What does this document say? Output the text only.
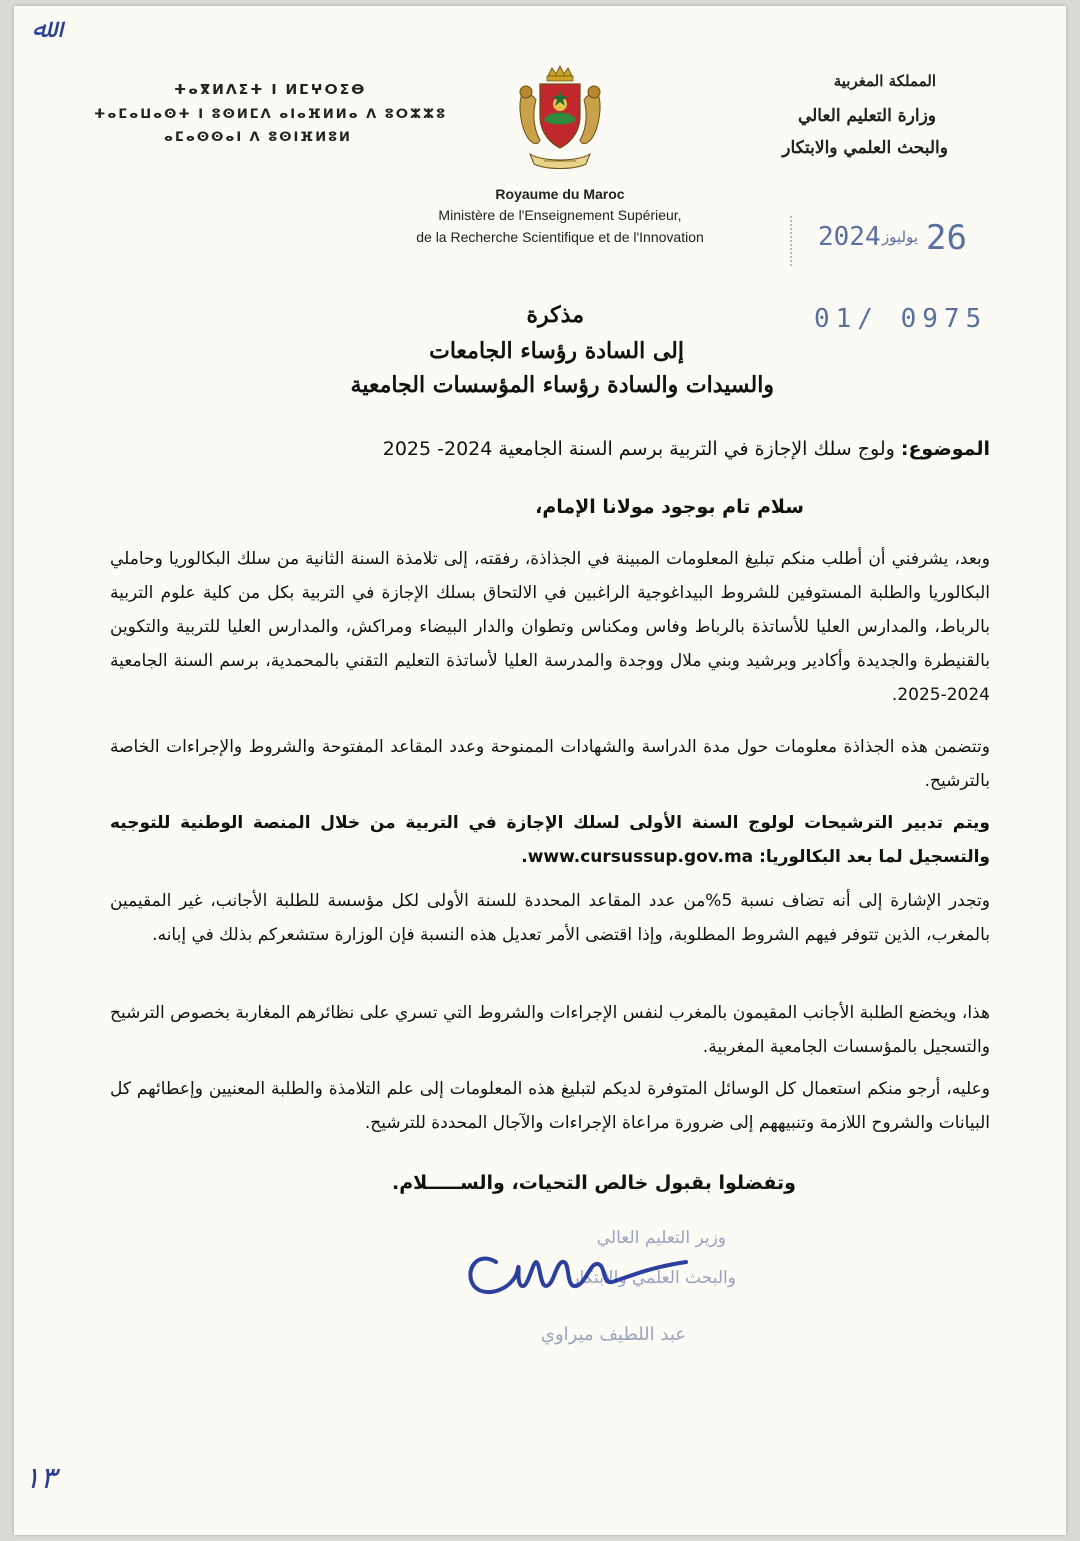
ﷲ
١٣
ⵜⴰⴳⵍⴷⵉⵜ ⵏ ⵍⵎⵖⵔⵉⴱ
ⵜⴰⵎⴰⵡⴰⵙⵜ ⵏ ⵓⵙⵍⵎⴷ ⴰⵏⴰⴼⵍⵍⴰ ⴷ ⵓⵔⵣⵣⵓ
ⴰⵎⴰⵙⵙⴰⵏ ⴷ ⵓⵙⵏⴼⵍⵓⵍ
المملكة المغربية
وزارة التعليم العالي
والبحث العلمي والابتكار
Royaume du Maroc
Ministère de l'Enseignement Supérieur,
de la Recherche Scientifique et de l'Innovation	2024 يوليوز 26
01/ 0975
مذكرة
إلى السادة رؤساء الجامعات
والسيدات والسادة رؤساء المؤسسات الجامعية
الموضوع: ولوج سلك الإجازة في التربية برسم السنة الجامعية 2024- 2025
سلام تام بوجود مولانا الإمام،
وبعد، يشرفني أن أطلب منكم تبليغ المعلومات المبينة في الجذاذة، رفقته، إلى تلامذة السنة الثانية من سلك البكالوريا وحاملي البكالوريا والطلبة المستوفين للشروط البيداغوجية الراغبين في الالتحاق بسلك الإجازة في التربية بكل من كلية علوم التربية بالرباط، والمدارس العليا للأساتذة بالرباط وفاس ومكناس وتطوان والدار البيضاء ومراكش، والمدارس العليا للتربية والتكوين بالقنيطرة والجديدة وأكادير وبرشيد وبني ملال ووجدة والمدرسة العليا لأساتذة التعليم التقني بالمحمدية، برسم السنة الجامعية 2024-2025.
وتتضمن هذه الجذاذة معلومات حول مدة الدراسة والشهادات الممنوحة وعدد المقاعد المفتوحة والشروط والإجراءات الخاصة بالترشيح.
ويتم تدبير الترشيحات لولوج السنة الأولى لسلك الإجازة في التربية من خلال المنصة الوطنية للتوجيه والتسجيل لما بعد البكالوريا: www.cursussup.gov.ma.
وتجدر الإشارة إلى أنه تضاف نسبة 5%من عدد المقاعد المحددة للسنة الأولى لكل مؤسسة للطلبة الأجانب، غير المقيمين بالمغرب، الذين تتوفر فيهم الشروط المطلوبة، وإذا اقتضى الأمر تعديل هذه النسبة فإن الوزارة ستشعركم بذلك في إبانه.
هذا، ويخضع الطلبة الأجانب المقيمون بالمغرب لنفس الإجراءات والشروط التي تسري على نظائرهم المغاربة بخصوص الترشيح والتسجيل بالمؤسسات الجامعية المغربية.
وعليه، أرجو منكم استعمال كل الوسائل المتوفرة لديكم لتبليغ هذه المعلومات إلى علم التلامذة والطلبة المعنيين وإعطائهم كل البيانات والشروح اللازمة وتنبيههم إلى ضرورة مراعاة الإجراءات والآجال المحددة للترشيح.
وتفضلوا بقبول خالص التحيات، والســـــلام.
وزير التعليم العالي
والبحث العلمي والابتكار
عبد اللطيف ميراوي
